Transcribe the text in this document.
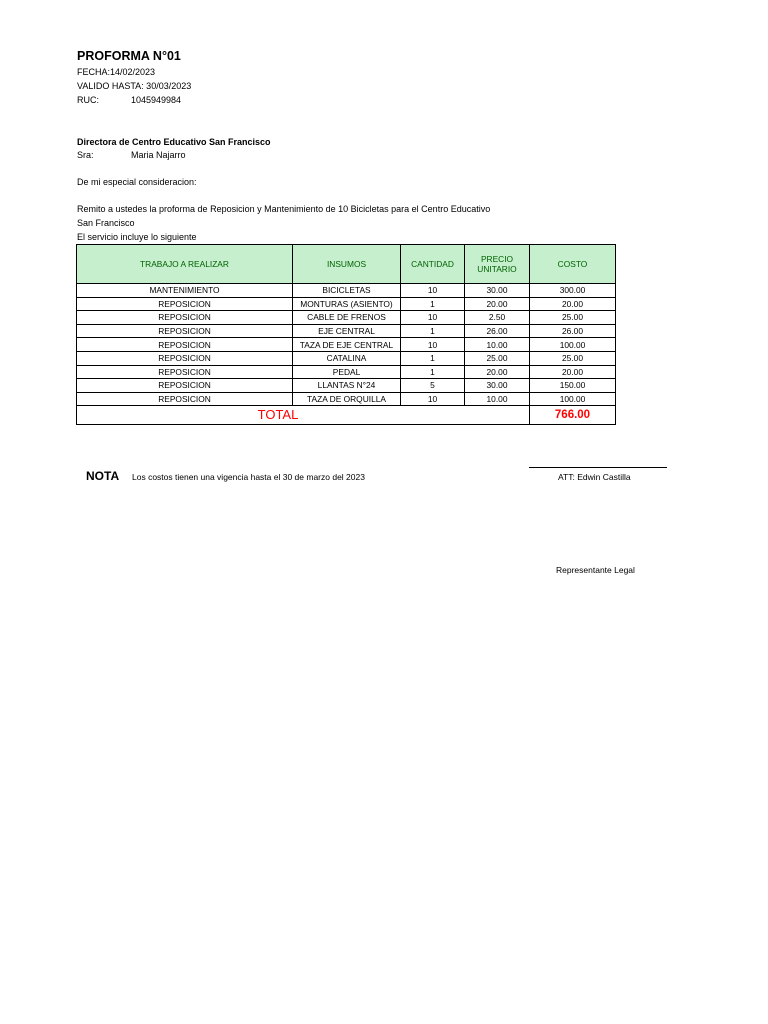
PROFORMA N°01
FECHA:14/02/2023
VALIDO HASTA: 30/03/2023
RUC:	1045949984
Directora de Centro Educativo San Francisco
Sra:	Maria Najarro
De mi especial consideracion:
Remito a ustedes la proforma de Reposicion y Mantenimiento de 10 Bicicletas para el Centro Educativo
San Francisco
El servicio incluye lo siguiente
TRABAJO A REALIZAR	INSUMOS	CANTIDAD	PRECIO UNITARIO	COSTO
MANTENIMIENTO	BICICLETAS	10	30.00	300.00
REPOSICION	MONTURAS (ASIENTO)	1	20.00	20.00
REPOSICION	CABLE DE FRENOS	10	2.50	25.00
REPOSICION	EJE CENTRAL	1	26.00	26.00
REPOSICION	TAZA DE EJE CENTRAL	10	10.00	100.00
REPOSICION	CATALINA	1	25.00	25.00
REPOSICION	PEDAL	1	20.00	20.00
REPOSICION	LLANTAS N°24	5	30.00	150.00
REPOSICION	TAZA DE ORQUILLA	10	10.00	100.00
TOTAL				766.00
NOTA Los costos tienen una vigencia hasta el 30 de marzo del 2023	ATT: Edwin Castilla
Representante Legal
